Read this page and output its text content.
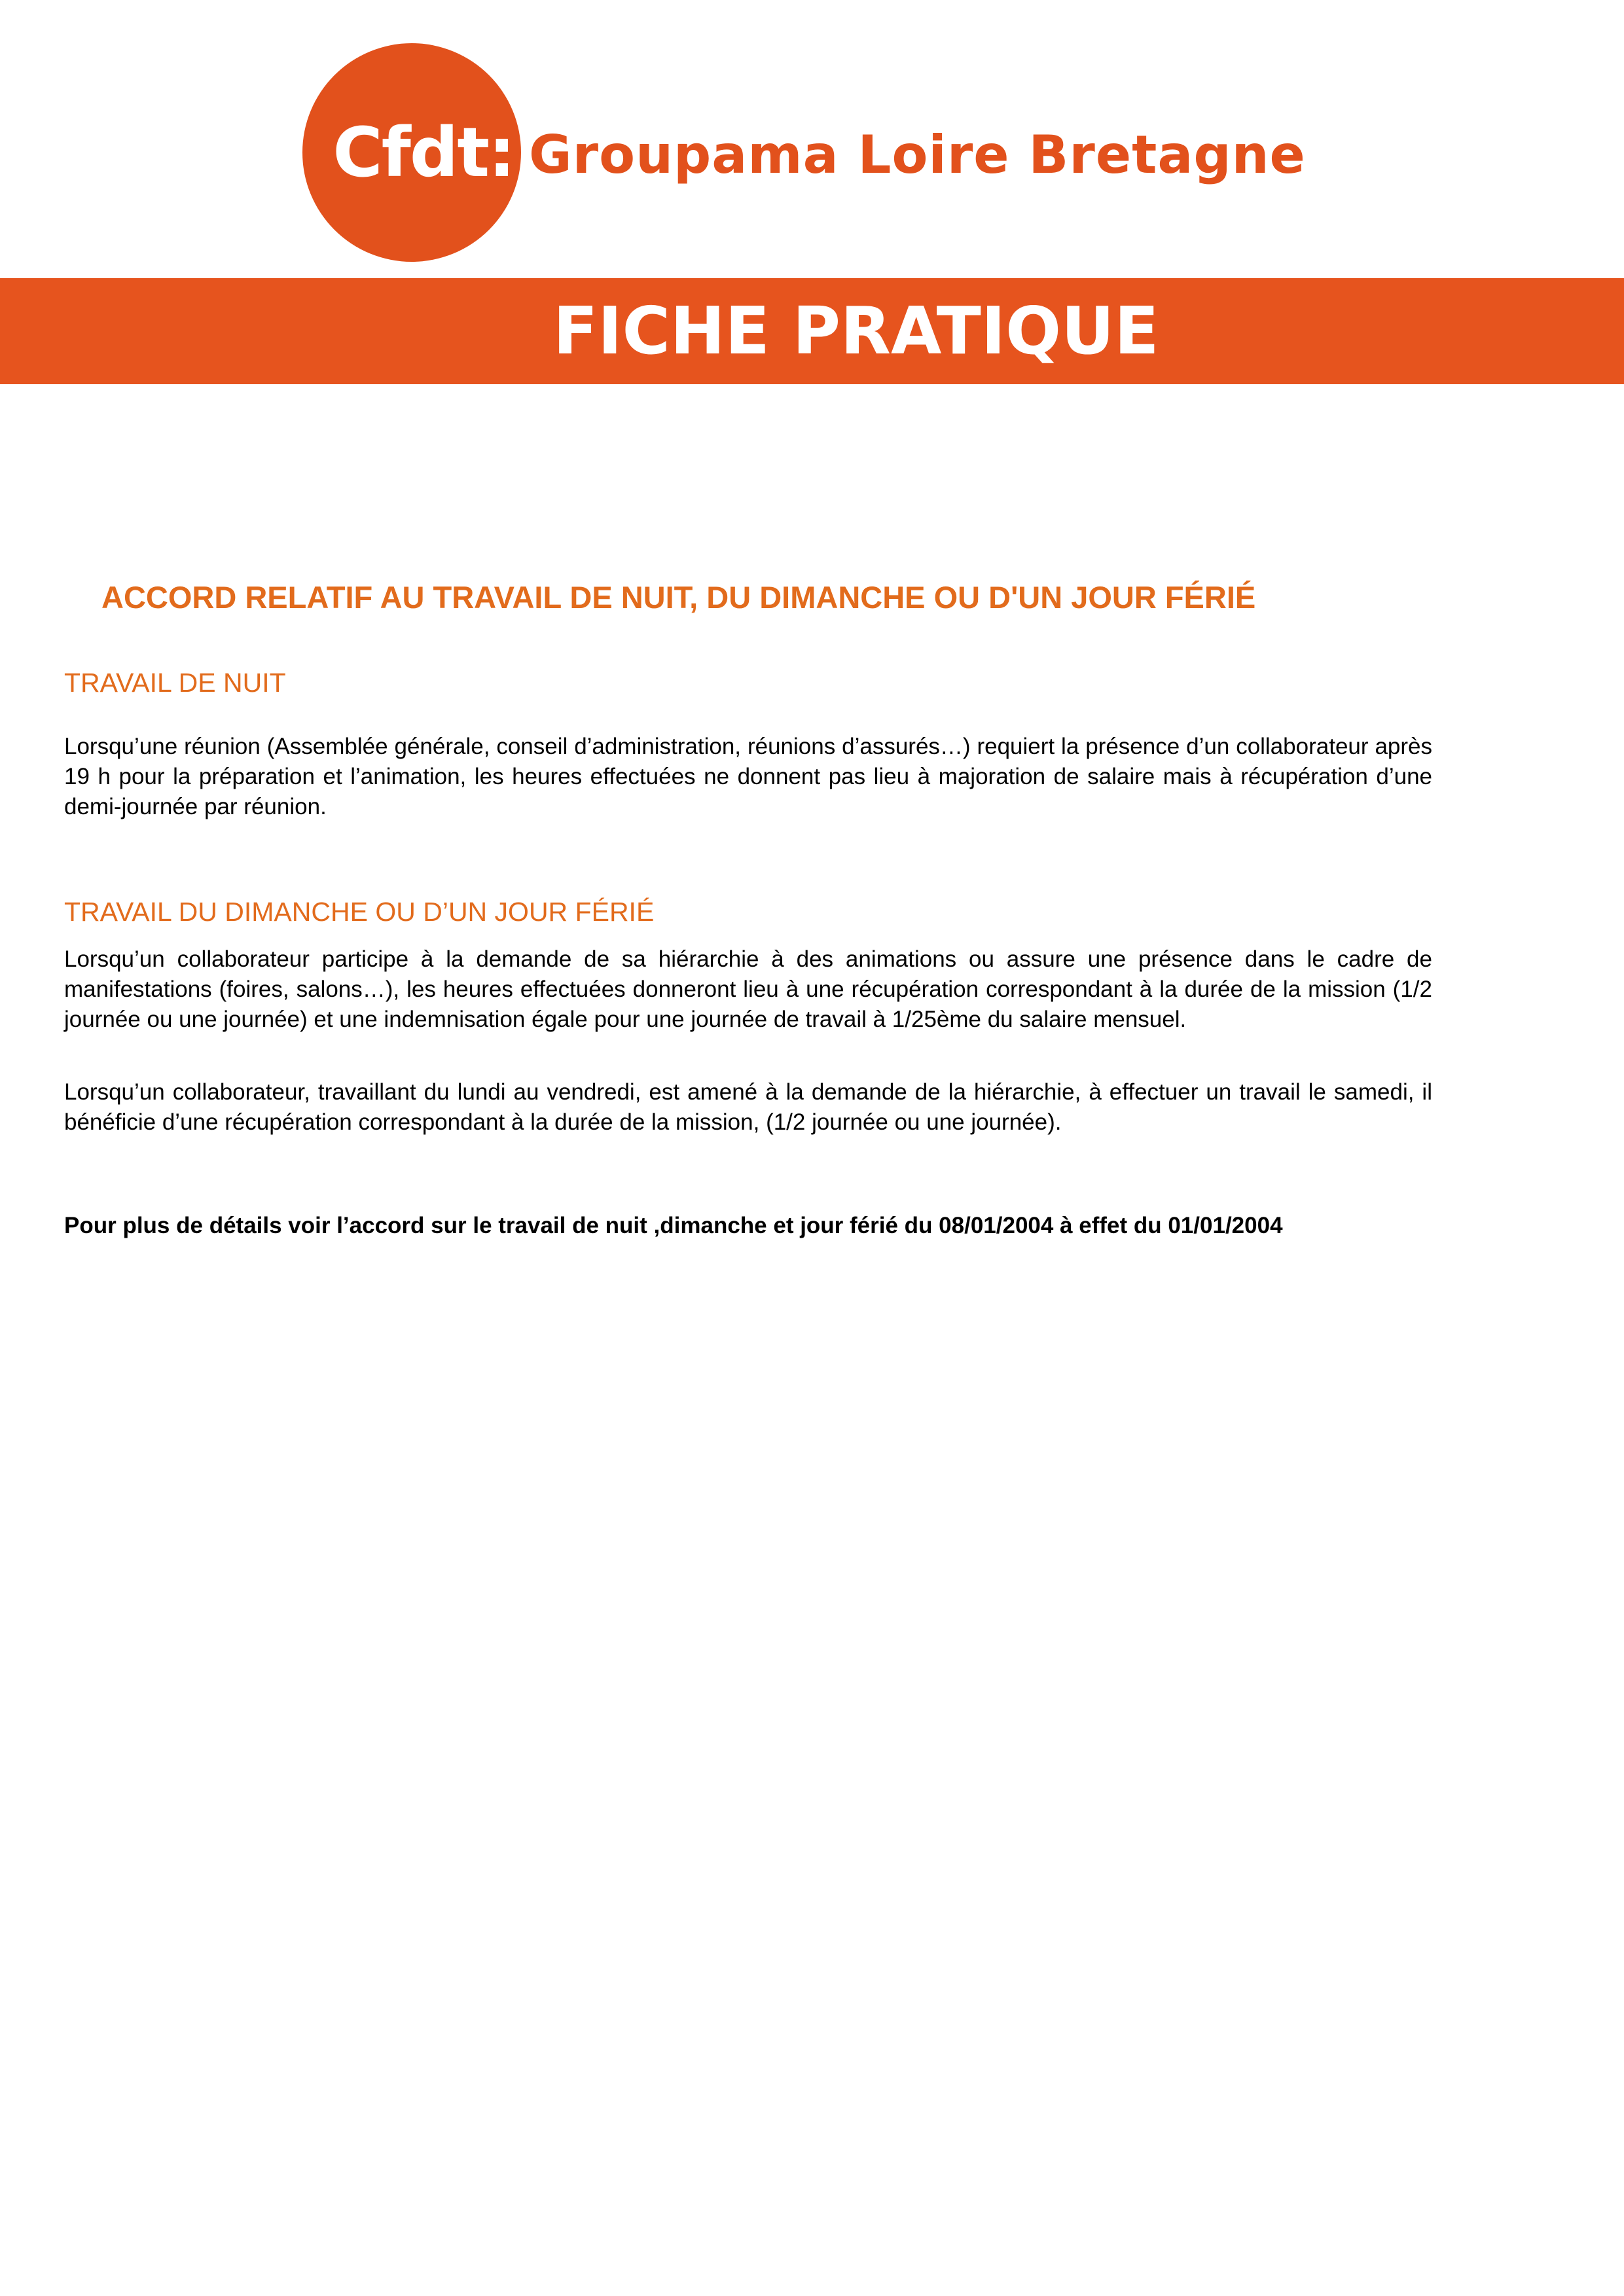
Cfdt: Groupama Loire Bretagne
FICHE PRATIQUE
ACCORD RELATIF AU TRAVAIL DE NUIT, DU DIMANCHE OU D'UN JOUR FÉRIÉ
TRAVAIL DE NUIT
Lorsqu’une réunion (Assemblée générale, conseil d’administration, réunions d’assurés…) requiert la présence d’un collaborateur après 19 h pour la préparation et l’animation, les heures effectuées ne donnent pas lieu à majoration de salaire mais à récupération d’une demi-journée par réunion.
TRAVAIL DU DIMANCHE OU D’UN JOUR FÉRIÉ
Lorsqu’un collaborateur participe à la demande de sa hiérarchie à des animations ou assure une présence dans le cadre de manifestations (foires, salons…), les heures effectuées donneront lieu à une récupération correspondant à la durée de la mission (1/2 journée ou une journée) et une indemnisation égale pour une journée de travail à 1/25ème du salaire mensuel.
Lorsqu’un collaborateur, travaillant du lundi au vendredi, est amené à la demande de la hiérarchie, à effectuer un travail le samedi, il bénéficie d’une récupération correspondant à la durée de la mission, (1/2 journée ou une journée).
Pour plus de détails voir l’accord sur le travail de nuit ,dimanche et jour férié du 08/01/2004 à effet du 01/01/2004
